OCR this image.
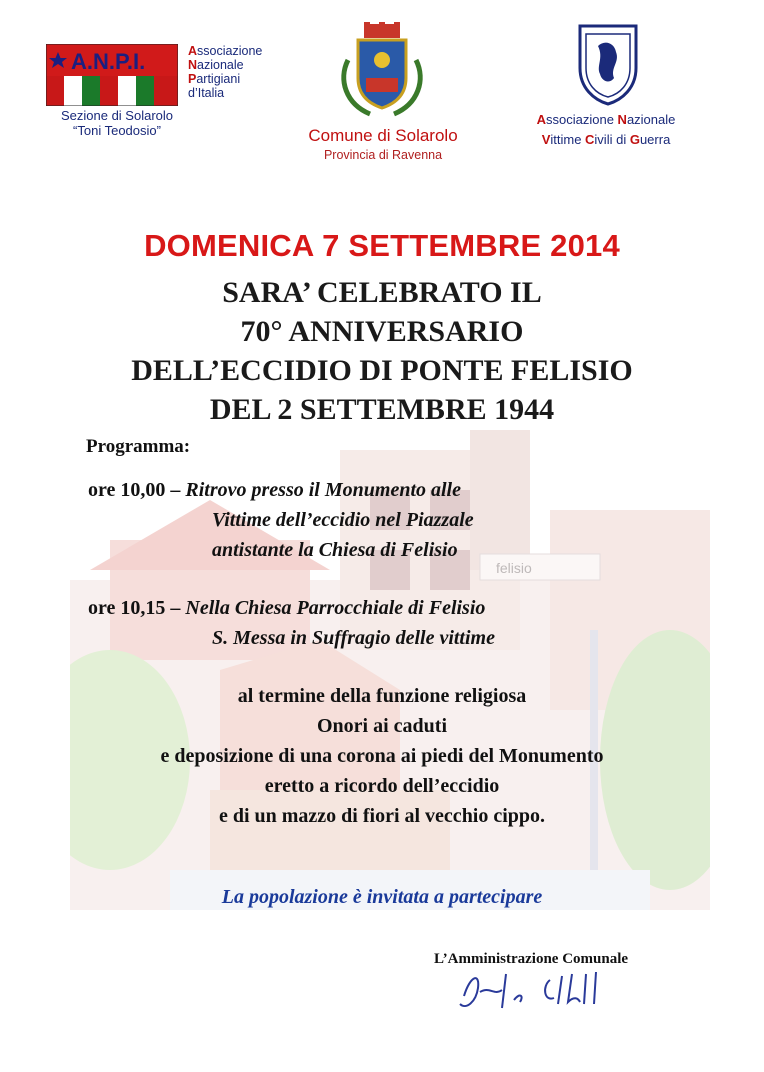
felisio
A.N.P.I.	Associazione
Nazionale
Partigiani
d’Italia
Sezione di Solarolo
“Toni Teodosio”	Comune di Solarolo
Provincia di Ravenna
Associazione Nazionale
Vittime Civili di Guerra
DOMENICA 7 SETTEMBRE 2014
SARA’ CELEBRATO IL
70° ANNIVERSARIO
DELL’ECCIDIO DI PONTE FELISIO
DEL 2 SETTEMBRE 1944
Programma:
ore 10,00 – Ritrovo presso il Monumento alle
Vittime dell’eccidio nel Piazzale
antistante la Chiesa di Felisio
ore 10,15 – Nella Chiesa Parrocchiale di Felisio
S. Messa in Suffragio delle vittime
al termine della funzione religiosa
Onori ai caduti
e deposizione di una corona ai piedi del Monumento
eretto a ricordo dell’eccidio
e di un mazzo di fiori al vecchio cippo.
La popolazione è invitata a partecipare
L’Amministrazione Comunale
